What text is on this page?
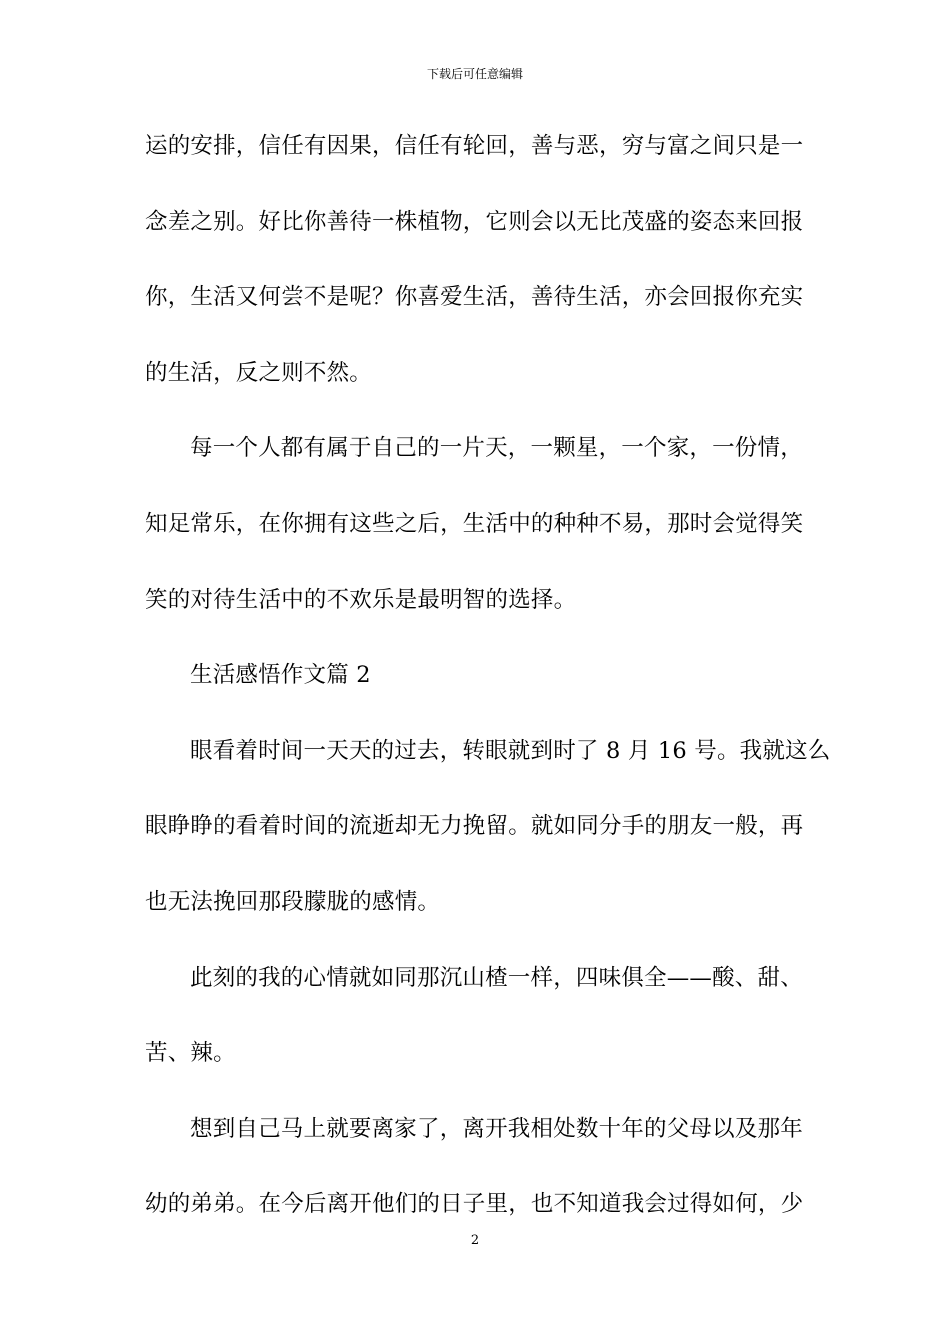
下载后可任意编辑
运的安排，信任有因果，信任有轮回，善与恶，穷与富之间只是一
念差之别。好比你善待一株植物，它则会以无比茂盛的姿态来回报
你，生活又何尝不是呢？你喜爱生活，善待生活，亦会回报你充实
的生活，反之则不然。
每一个人都有属于自己的一片天，一颗星，一个家，一份情，
知足常乐，在你拥有这些之后，生活中的种种不易，那时会觉得笑
笑的对待生活中的不欢乐是最明智的选择。
生活感悟作文篇 2
眼看着时间一天天的过去，转眼就到时了 8 月 16 号。我就这么
眼睁睁的看着时间的流逝却无力挽留。就如同分手的朋友一般，再
也无法挽回那段朦胧的感情。
此刻的我的心情就如同那沉山楂一样，四味俱全——酸、甜、
苦、辣。
想到自己马上就要离家了，离开我相处数十年的父母以及那年
幼的弟弟。在今后离开他们的日子里，也不知道我会过得如何，少
2
